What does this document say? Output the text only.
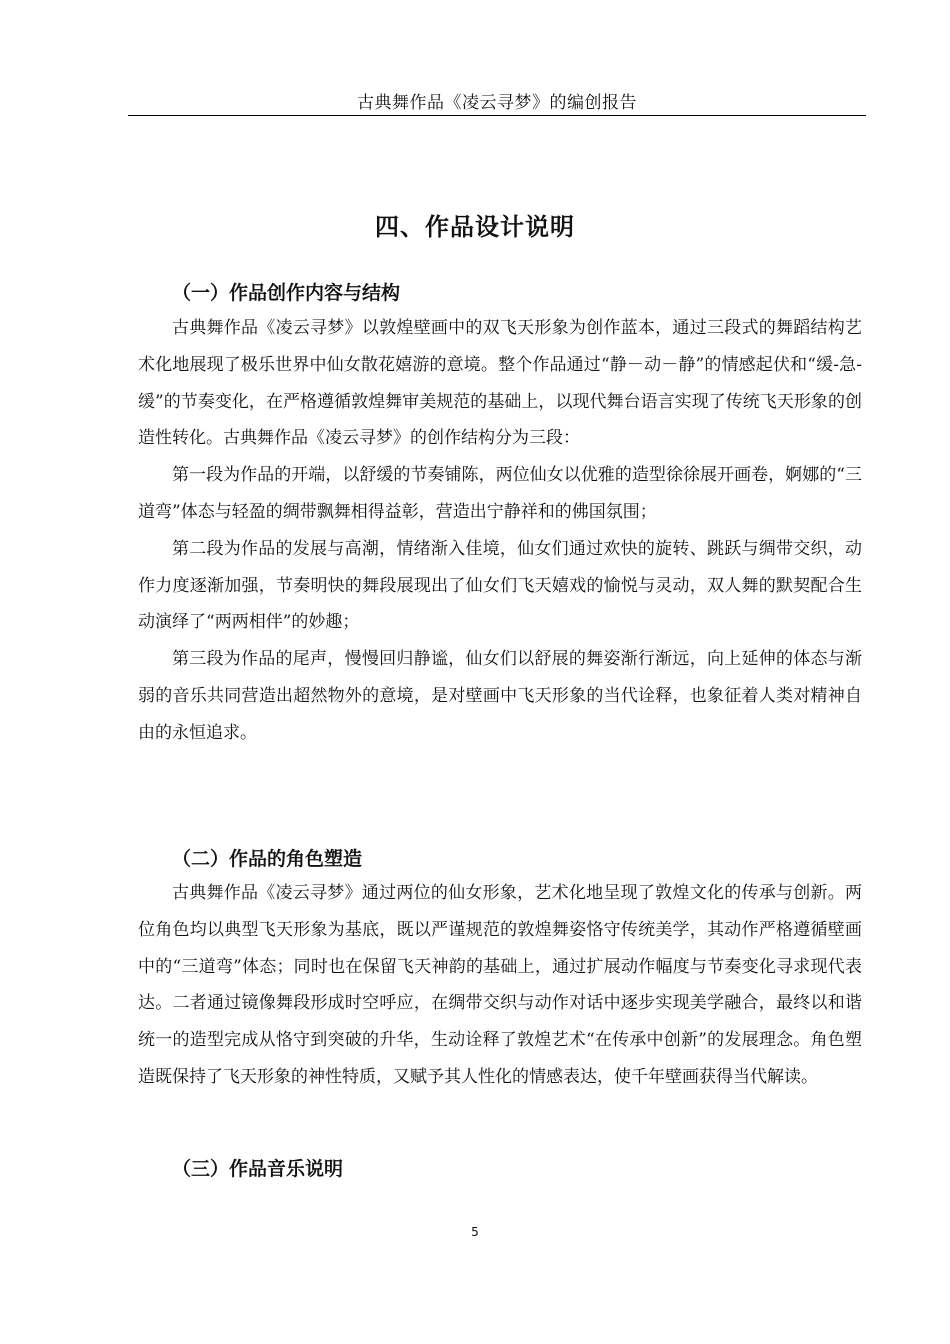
古典舞作品《凌云寻梦》的编创报告
四、作品设计说明
（一）作品创作内容与结构

古典舞作品《凌云寻梦》以敦煌壁画中的双飞天形象为创作蓝本，通过三段式的舞蹈结构艺术化地展现了极乐世界中仙女散花嬉游的意境。整个作品通过“静－动－静”的情感起伏和“缓-急-缓”的节奏变化，在严格遵循敦煌舞审美规范的基础上，以现代舞台语言实现了传统飞天形象的创造性转化。古典舞作品《凌云寻梦》的创作结构分为三段：

第一段为作品的开端，以舒缓的节奏铺陈，两位仙女以优雅的造型徐徐展开画卷，婀娜的“三道弯”体态与轻盈的绸带飘舞相得益彰，营造出宁静祥和的佛国氛围；

第二段为作品的发展与高潮，情绪渐入佳境，仙女们通过欢快的旋转、跳跃与绸带交织，动作力度逐渐加强，节奏明快的舞段展现出了仙女们飞天嬉戏的愉悦与灵动，双人舞的默契配合生动演绎了“两两相伴”的妙趣；

第三段为作品的尾声，慢慢回归静谧，仙女们以舒展的舞姿渐行渐远，向上延伸的体态与渐弱的音乐共同营造出超然物外的意境，是对壁画中飞天形象的当代诠释，也象征着人类对精神自由的永恒追求。

（二）作品的角色塑造

古典舞作品《凌云寻梦》通过两位的仙女形象，艺术化地呈现了敦煌文化的传承与创新。两位角色均以典型飞天形象为基底，既以严谨规范的敦煌舞姿恪守传统美学，其动作严格遵循壁画中的“三道弯”体态；同时也在保留飞天神韵的基础上，通过扩展动作幅度与节奏变化寻求现代表达。二者通过镜像舞段形成时空呼应，在绸带交织与动作对话中逐步实现美学融合，最终以和谐统一的造型完成从恪守到突破的升华，生动诠释了敦煌艺术“在传承中创新”的发展理念。角色塑造既保持了飞天形象的神性特质，又赋予其人性化的情感表达，使千年壁画获得当代解读。

（三）作品音乐说明
5
